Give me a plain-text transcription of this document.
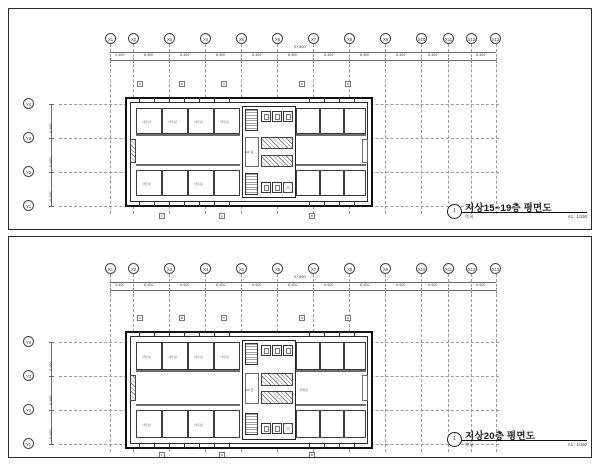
X1	X2	X3	X4	X5	X6	X7	X8	X9	X10	X11	X12	X13
Y4
Y3
Y2
Y1
97,800
3,400	8,400	8,400	8,400	8,400	8,400	8,400	8,400	8,400	8,400	8,400
8,400
8,400
8,400
사무실	사무실	사무실	사무실
사무실	사무실
E/V 홀
A	B	C	D	E
F	A	B
1 지상15~19층 평면도
축척	A1 : 1/150
X1	X2	X3	X4	X5	X6	X7	X8	X9	X10	X11	X12	X13
Y4
Y3
Y2
Y1
97,800
3,400	8,400	8,400	8,400	8,400	8,400	8,400	8,400	8,400	8,400	8,400
8,400
8,400
8,400
사무실	사무실	사무실	사무실
사무실	사무실
E/V 홀	기계실
A	B	C	D	E
F	A	B
1 지상20층 평면도
축척	A1 : 1/150
